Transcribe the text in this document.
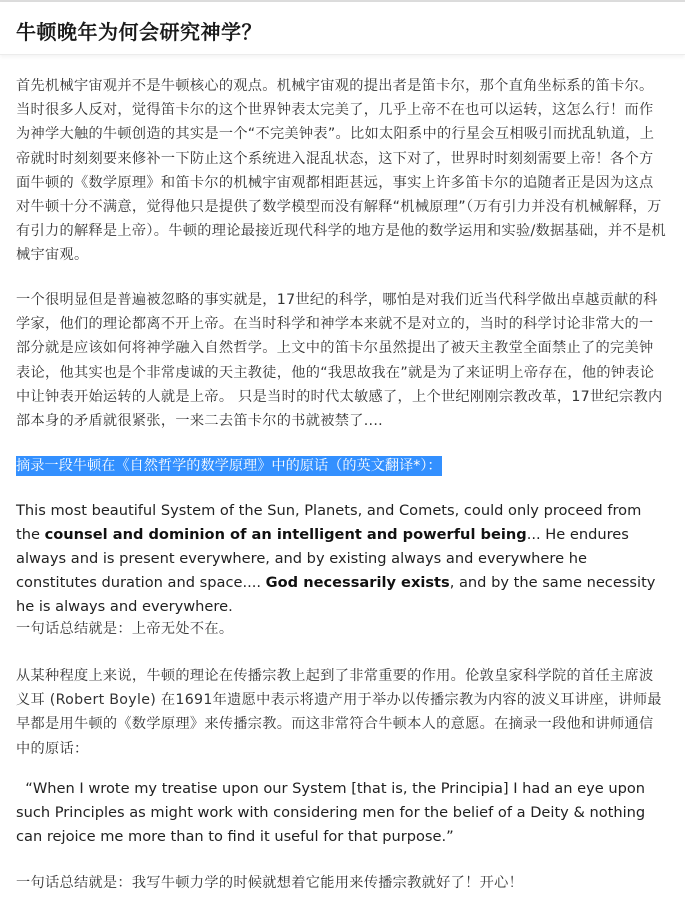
牛顿晚年为何会研究神学？

首先机械宇宙观并不是牛顿核心的观点。机械宇宙观的提出者是笛卡尔，那个直角坐标系的笛卡尔。当时很多人反对，觉得笛卡尔的这个世界钟表太完美了，几乎上帝不在也可以运转，这怎么行！而作为神学大触的牛顿创造的其实是一个“不完美钟表”。比如太阳系中的行星会互相吸引而扰乱轨道，上帝就时时刻刻要来修补一下防止这个系统进入混乱状态，这下对了，世界时时刻刻需要上帝！各个方面牛顿的《数学原理》和笛卡尔的机械宇宙观都相距甚远，事实上许多笛卡尔的追随者正是因为这点对牛顿十分不满意，觉得他只是提供了数学模型而没有解释“机械原理”（万有引力并没有机械解释，万有引力的解释是上帝）。牛顿的理论最接近现代科学的地方是他的数学运用和实验/数据基础，并不是机械宇宙观。

一个很明显但是普遍被忽略的事实就是，17世纪的科学，哪怕是对我们近当代科学做出卓越贡献的科学家，他们的理论都离不开上帝。在当时科学和神学本来就不是对立的，当时的科学讨论非常大的一部分就是应该如何将神学融入自然哲学。上文中的笛卡尔虽然提出了被天主教堂全面禁止了的完美钟表论，他其实也是个非常虔诚的天主教徒，他的“我思故我在”就是为了来证明上帝存在，他的钟表论中让钟表开始运转的人就是上帝。 只是当时的时代太敏感了，上个世纪刚刚宗教改革，17世纪宗教内部本身的矛盾就很紧张，一来二去笛卡尔的书就被禁了....

摘录一段牛顿在《自然哲学的数学原理》中的原话（的英文翻译*）：

This most beautiful System of the Sun, Planets, and Comets, could only proceed from the counsel and dominion of an intelligent and powerful being... He endures always and is present everywhere, and by existing always and everywhere he constitutes duration and space.... God necessarily exists, and by the same necessity he is always and everywhere.

一句话总结就是：上帝无处不在。

从某种程度上来说，牛顿的理论在传播宗教上起到了非常重要的作用。伦敦皇家科学院的首任主席波义耳 (Robert Boyle) 在1691年遗愿中表示将遗产用于举办以传播宗教为内容的波义耳讲座，讲师最早都是用牛顿的《数学原理》来传播宗教。而这非常符合牛顿本人的意愿。在摘录一段他和讲师通信中的原话：

“When I wrote my treatise upon our System [that is, the Principia] I had an eye upon such Principles as might work with considering men for the belief of a Deity & nothing can rejoice me more than to find it useful for that purpose.”

一句话总结就是：我写牛顿力学的时候就想着它能用来传播宗教就好了！开心！
